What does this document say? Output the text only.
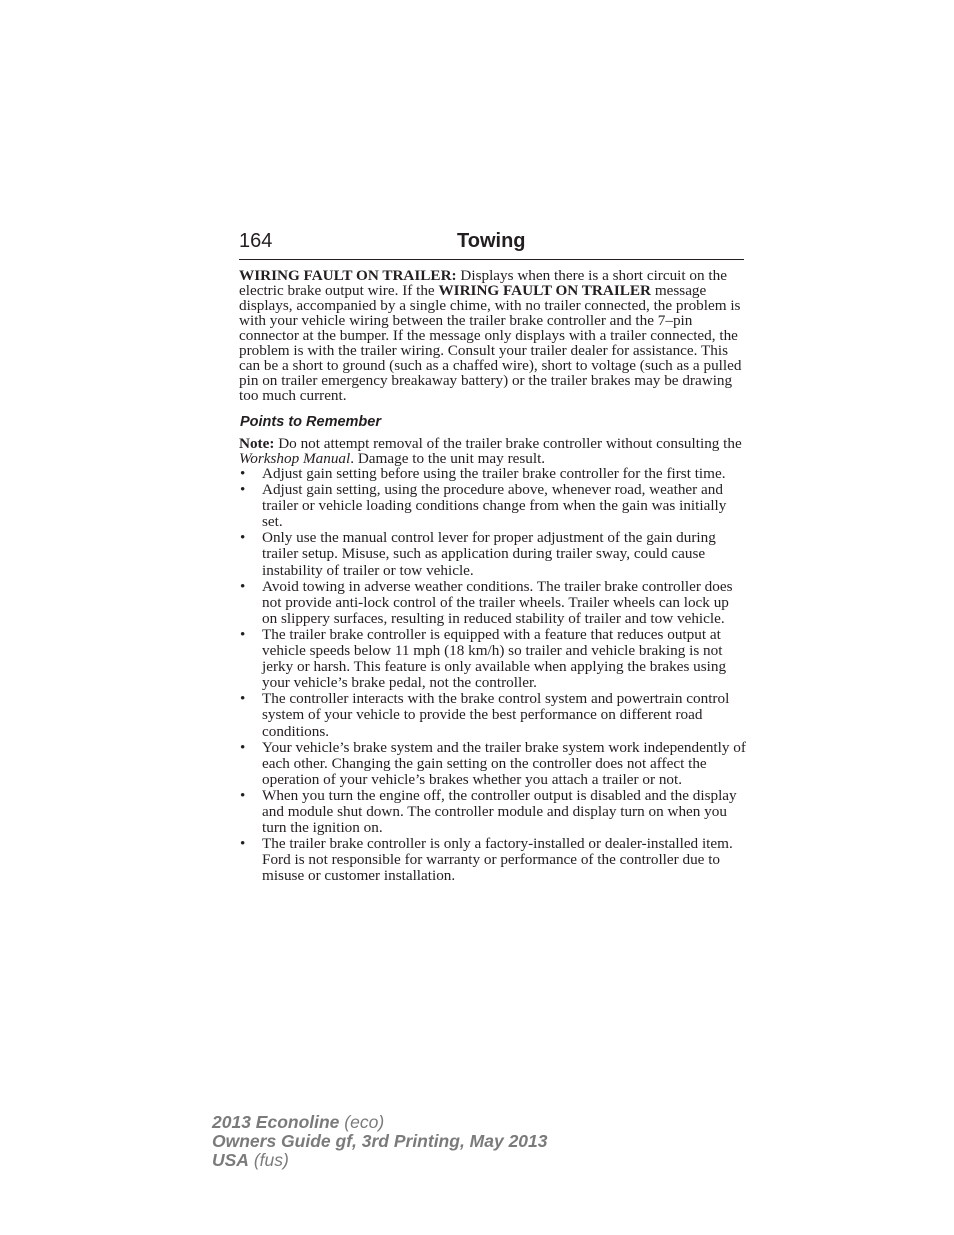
164	Towing

WIRING FAULT ON TRAILER: Displays when there is a short circuit on the electric brake output wire. If the WIRING FAULT ON TRAILER message displays, accompanied by a single chime, with no trailer connected, the problem is with your vehicle wiring between the trailer brake controller and the 7–pin connector at the bumper. If the message only displays with a trailer connected, the problem is with the trailer wiring. Consult your trailer dealer for assistance. This can be a short to ground (such as a chaffed wire), short to voltage (such as a pulled pin on trailer emergency breakaway battery) or the trailer brakes may be drawing too much current.

Points to Remember

Note: Do not attempt removal of the trailer brake controller without consulting the Workshop Manual. Damage to the unit may result.

• Adjust gain setting before using the trailer brake controller for the first time.
• Adjust gain setting, using the procedure above, whenever road, weather and trailer or vehicle loading conditions change from when the gain was initially set.
• Only use the manual control lever for proper adjustment of the gain during trailer setup. Misuse, such as application during trailer sway, could cause instability of trailer or tow vehicle.
• Avoid towing in adverse weather conditions. The trailer brake controller does not provide anti-lock control of the trailer wheels. Trailer wheels can lock up on slippery surfaces, resulting in reduced stability of trailer and tow vehicle.
• The trailer brake controller is equipped with a feature that reduces output at vehicle speeds below 11 mph (18 km/h) so trailer and vehicle braking is not jerky or harsh. This feature is only available when applying the brakes using your vehicle’s brake pedal, not the controller.
• The controller interacts with the brake control system and powertrain control system of your vehicle to provide the best performance on different road conditions.
• Your vehicle’s brake system and the trailer brake system work independently of each other. Changing the gain setting on the controller does not affect the operation of your vehicle’s brakes whether you attach a trailer or not.
• When you turn the engine off, the controller output is disabled and the display and module shut down. The controller module and display turn on when you turn the ignition on.
• The trailer brake controller is only a factory-installed or dealer-installed item. Ford is not responsible for warranty or performance of the controller due to misuse or customer installation.
2013 Econoline (eco)
Owners Guide gf, 3rd Printing, May 2013
USA (fus)
